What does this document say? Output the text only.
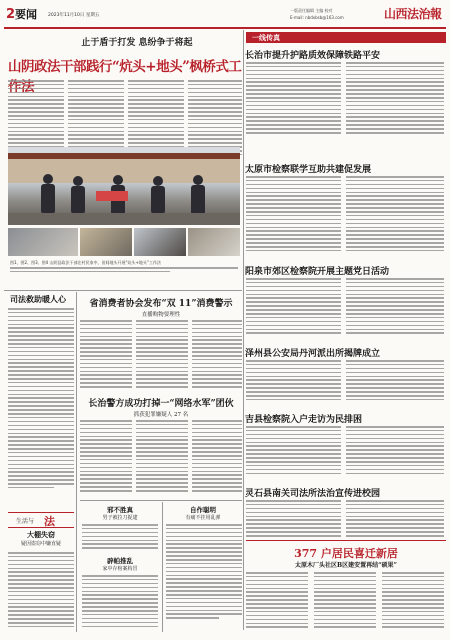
2要闻 2023年11月10日 星期五
一版责任编辑 主编 校对
E-mail: nbdxbsb@163.com	山西法治報
止于盾于打发 息纷争于将起
山阴政法干部践行“炕头+地头”枫桥式工
图1、图2、图3、图4 山阴县政法干部在村民家中、田间地头开展“炕头+地头”工作法
一线传真
长治市提升护路质效保障铁路平安
太原市检察联学互助共建促发展
阳泉市郊区检察院开展主题党日活动
泽州县公安局丹河派出所揭牌成立
吉县检察院入户走访为民排困
灵石县南关司法所法治宣传进校园
377 户居民喜迁新居
太原木厂头社区B区建安置再结“硕果”
司法救助暖人心
生活与 法
大棚失窃
疑因盗窃中嫌直疑
省消费者协会发布“双 11”消费警示
直播购物要理性
长治警方成功打掉一“网络水军”团伙
抓获犯罪嫌疑人 27 名
邪不胜真
男子被拉刀捉逮
辟帕推乱
家中存棺案构冒
自作聪明
有痛不挂用乱弹
